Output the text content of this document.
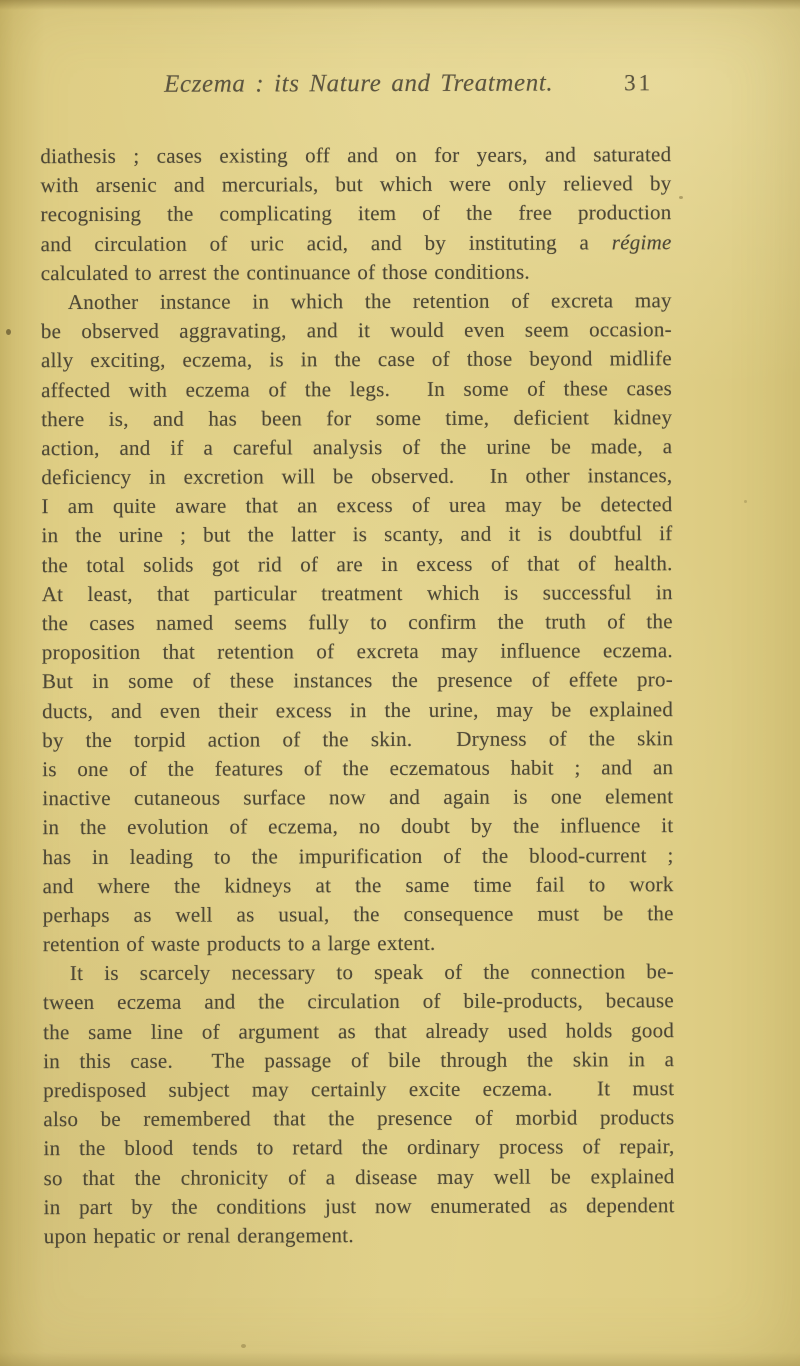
Eczema : its Nature and Treatment.	31
diathesis ; cases existing off and on for years, and saturated
with arsenic and mercurials, but which were only relieved by
recognising the complicating item of the free production
and circulation of uric acid, and by instituting a régime
calculated to arrest the continuance of those conditions.
Another instance in which the retention of excreta may
be observed aggravating, and it would even seem occasion-
ally exciting, eczema, is in the case of those beyond midlife
affected with eczema of the legs.  In some of these cases
there is, and has been for some time, deficient kidney
action, and if a careful analysis of the urine be made, a
deficiency in excretion will be observed.  In other instances,
I am quite aware that an excess of urea may be detected
in the urine ; but the latter is scanty, and it is doubtful if
the total solids got rid of are in excess of that of health.
At least, that particular treatment which is successful in
the cases named seems fully to confirm the truth of the
proposition that retention of excreta may influence eczema.
But in some of these instances the presence of effete pro-
ducts, and even their excess in the urine, may be explained
by the torpid action of the skin.  Dryness of the skin
is one of the features of the eczematous habit ; and an
inactive cutaneous surface now and again is one element
in the evolution of eczema, no doubt by the influence it
has in leading to the impurification of the blood-current ;
and where the kidneys at the same time fail to work
perhaps as well as usual, the consequence must be the
retention of waste products to a large extent.
It is scarcely necessary to speak of the connection be-
tween eczema and the circulation of bile-products, because
the same line of argument as that already used holds good
in this case.  The passage of bile through the skin in a
predisposed subject may certainly excite eczema.  It must
also be remembered that the presence of morbid products
in the blood tends to retard the ordinary process of repair,
so that the chronicity of a disease may well be explained
in part by the conditions just now enumerated as dependent
upon hepatic or renal derangement.
